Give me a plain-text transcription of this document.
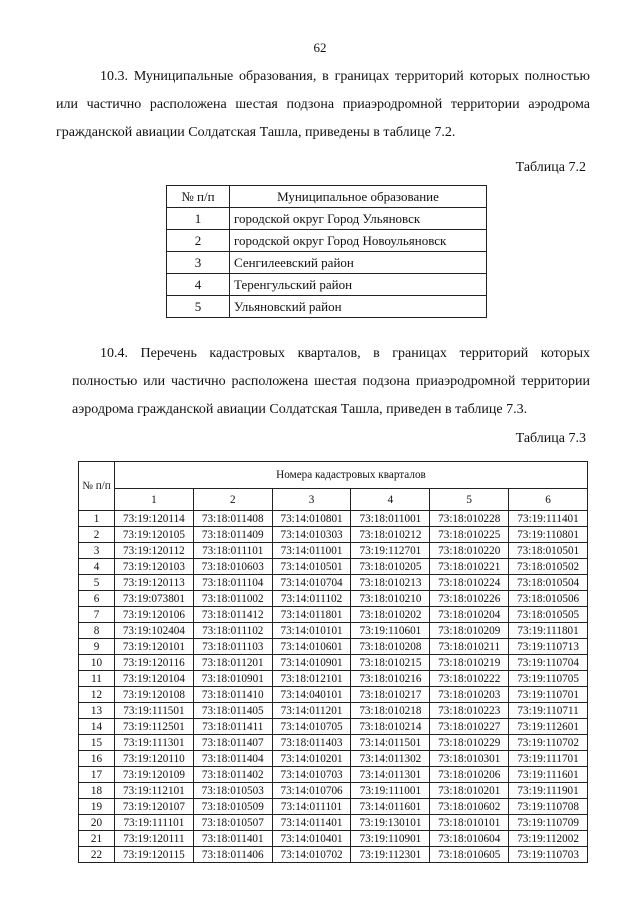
62
10.3. Муниципальные образования, в границах территорий которых полностью или частично расположена шестая подзона приаэродромной территории аэродрома гражданской авиации Солдатская Ташла, приведены в таблице 7.2.
Таблица 7.2
№ п/п	Муниципальное образование
1	городской округ Город Ульяновск
2	городской округ Город Новоульяновск
3	Сенгилеевский район
4	Теренгульский район
5	Ульяновский район
10.4. Перечень кадастровых кварталов, в границах территорий которых полностью или частично расположена шестая подзона приаэродромной территории аэродрома гражданской авиации Солдатская Ташла, приведен в таблице 7.3.
Таблица 7.3
№ п/п	Номера кадастровых кварталов					
	1	2	3	4	5	6
1	73:19:120114	73:18:011408	73:14:010801	73:18:011001	73:18:010228	73:19:111401
2	73:19:120105	73:18:011409	73:14:010303	73:18:010212	73:18:010225	73:19:110801
3	73:19:120112	73:18:011101	73:14:011001	73:19:112701	73:18:010220	73:18:010501
4	73:19:120103	73:18:010603	73:14:010501	73:18:010205	73:18:010221	73:18:010502
5	73:19:120113	73:18:011104	73:14:010704	73:18:010213	73:18:010224	73:18:010504
6	73:19:073801	73:18:011002	73:14:011102	73:18:010210	73:18:010226	73:18:010506
7	73:19:120106	73:18:011412	73:14:011801	73:18:010202	73:18:010204	73:18:010505
8	73:19:102404	73:18:011102	73:14:010101	73:19:110601	73:18:010209	73:19:111801
9	73:19:120101	73:18:011103	73:14:010601	73:18:010208	73:18:010211	73:19:110713
10	73:19:120116	73:18:011201	73:14:010901	73:18:010215	73:18:010219	73:19:110704
11	73:19:120104	73:18:010901	73:18:012101	73:18:010216	73:18:010222	73:19:110705
12	73:19:120108	73:18:011410	73:14:040101	73:18:010217	73:18:010203	73:19:110701
13	73:19:111501	73:18:011405	73:14:011201	73:18:010218	73:18:010223	73:19:110711
14	73:19:112501	73:18:011411	73:14:010705	73:18:010214	73:18:010227	73:19:112601
15	73:19:111301	73:18:011407	73:18:011403	73:14:011501	73:18:010229	73:19:110702
16	73:19:120110	73:18:011404	73:14:010201	73:14:011302	73:18:010301	73:19:111701
17	73:19:120109	73:18:011402	73:14:010703	73:14:011301	73:18:010206	73:19:111601
18	73:19:112101	73:18:010503	73:14:010706	73:19:111001	73:18:010201	73:19:111901
19	73:19:120107	73:18:010509	73:14:011101	73:14:011601	73:18:010602	73:19:110708
20	73:19:111101	73:18:010507	73:14:011401	73:19:130101	73:18:010101	73:19:110709
21	73:19:120111	73:18:011401	73:14:010401	73:19:110901	73:18:010604	73:19:112002
22	73:19:120115	73:18:011406	73:14:010702	73:19:112301	73:18:010605	73:19:110703
